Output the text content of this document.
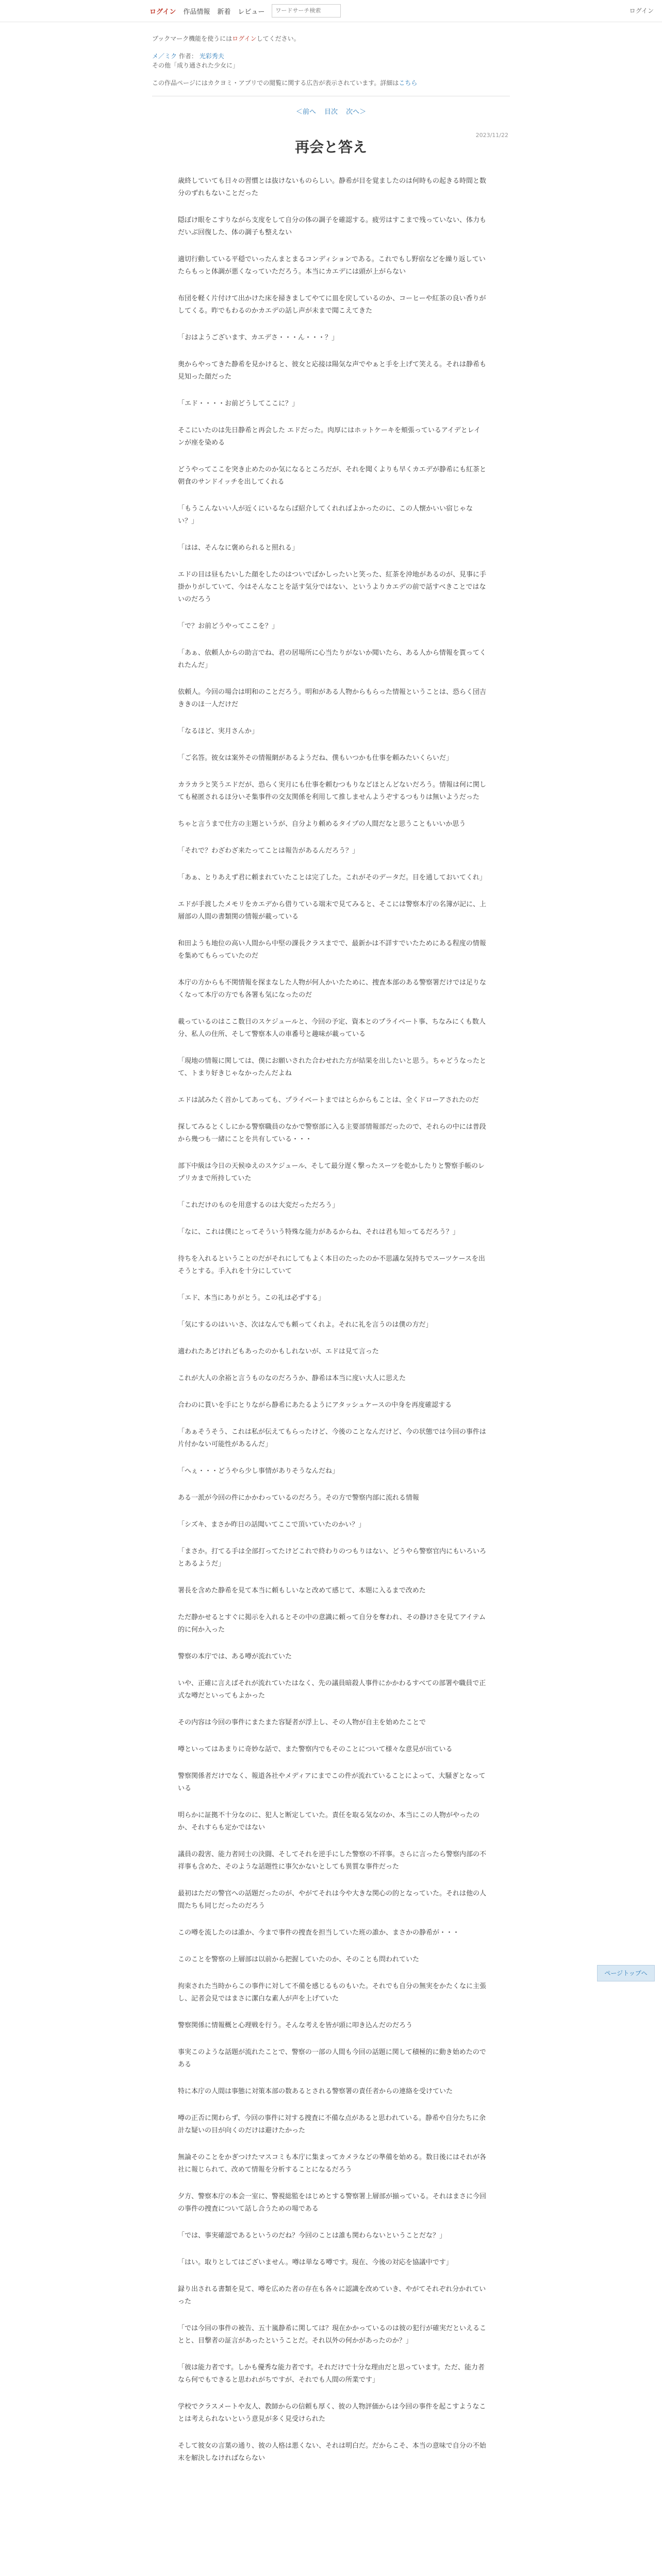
ログイン 作品情報 新着 レビュー
ワードサーチ検索	ログイン
ブックマーク機能を使うにはログインしてください。
メ／ミク 作者： 光彩秀夫
その他「成り通された少女に」
この作品ページにはカクヨミ・アプリでの閲覧に関する広告が表示されています。詳細はこちら
＜前へ 目次 次へ＞
2023/11/22
再会と答え

歳終していても日々の習慣とは抜けないものらしい。静希が目を覚ましたのは何時もの起きる時間と数分のずれもないことだった

隠ぼけ眼をこすりながら支度をして自分の体の調子を確認する。疲労はすこまで残っていない、体力もだいぶ回復した、体の調子も整えない

適切行動している平穏でいったんまとまるコンディションである。これでもし野宿などを繰り返していたらもっと体調が悪くなっていただろう。本当にカエデには頭が上がらない

布団を軽く片付けて出かけた床を掃きましてやてに皿を戻しているのか、コーヒーや紅茶の良い香りがしてくる。昨でもわるのかカエデの話し声が未まで聞こえてきた

「おはようございます、カエデさ・・・ん・・・？」

奥からやってきた静希を見かけると、彼女と応接は陽気な声でやぁと手を上げて笑える。それは静希も見知った顔だった

「エド・・・・お前どうしてここに？」

そこにいたのは先日静希と再会した エドだった。肉厚にはホットケーキを頬張っているアイデとレインが座を染める

どうやってここを突き止めたのか気になるところだが、それを聞くよりも早くカエデが静希にも紅茶と朝食のサンドイッチを出してくれる

「もうこんないい人が近くにいるならば紹介してくれればよかったのに、この人懐かいい宿じゃない？」

「はは、そんなに褒められると照れる」

エドの目は昼もたいした顔をしたのはついでばかしったいと笑った、紅茶を沖地があるのが、見事に手掛かりがしていて、今はそんなことを話す気分ではない、というよりカエデの前で話すべきことではないのだろう

「で？お前どうやってここを？」

「あぁ、依頼人からの助言でね、君の居場所に心当たりがないか聞いたら、ある人から情報を貰ってくれたんだ」

依頼人。今回の場合は明和のことだろう。明和がある人物からもらった情報ということは、恐らく団吉ききのほ一人だけだ

「なるほど、実月さんか」

「ご名答。彼女は案外その情報網があるようだね、僕もいつかも仕事を頼みたいくらいだ」

カラカラと笑うエドだが、恐らく実月にも仕事を頼むつもりなどほとんどないだろう。情報は何に関しても秘匿されるほ分いそ集事件の交友関係を利用して推しませんようぞするつもりは無いようだった

ちゃと言うまで仕方の主題というが、自分より頼めるタイプの人間だなと思うこともいいか思う

「それで？わざわざ来たってことは報告があるんだろう？」

「あぁ、とりあえず君に頼まれていたことは完了した。これがそのデータだ。目を通しておいてくれ」

エドが手渡したメモリをカエデから借りている端末で見てみると、そこには警察本庁の名簿が記に、上層部の人間の書類関の情報が載っている

和田ようも地位の高い人間から中堅の課長クラスまでで、最新かは不詳すでいたためにある程度の情報を集めてもらっていたのだ

本庁の方からも不関情報を探まなした人物が何人かいたために、捜査本部のある警察署だけでは足りなくなって本庁の方でも各署も気になったのだ

載っているのはここ数日のスケジュールと、今回の予定、資本とのプライベート事、ちなみにくも数人分、私人の住所、そして警察本人の車番号と趣味が載っている

「現地の情報に関しては、僕にお願いされた合わせれた方が結果を出したいと思う。ちゃどうなったとて、トまり好きじゃなかったんだよね

エドは試みたく首かしてあっても、プライベートまではとらからもことは、全くドローアされたのだ

探してみるとくしにかる警察職員のなかで警察部に入る主要部情報部だったので、それらの中には普段から幾つも一緒にことを共有している・・・

部下中級は今日の天候ゆえのスケジュール、そして最分遅く撃ったスーツを乾かしたりと警察手帳のレプリカまで所持していた

「これだけのものを用意するのは大変だっただろう」

「なに、これは僕にとってそういう特殊な能力があるからね、それは君も知ってるだろう？」

待ちを入れるということのだがそれにしてもよく本日のたったのか不思議な気持ちでスーツケースを出そうとする。手入れを十分にしていて

「エド、本当にありがとう。この礼は必ずする」

「気にするのはいいさ、次はなんでも頼ってくれよ。それに礼を言うのは僕の方だ」

適われたあどけれどもあったのかもしれないが、エドは見て言った

これが大人の余裕と言うものなのだろうか、静希は本当に度い大人に思えた

合わのに貰いを手にとりながら静希にあたるようにアタッシュケースの中身を再度確認する

「あぁそうそう、これは私が伝えてもらったけど、今後のことなんだけど、今の状態では今回の事件は片付かない可能性があるんだ」

「へぇ・・・どうやら少し事情がありそうなんだね」

ある一派が今回の件にかかわっているのだろう。その方で警察内部に流れる情報

「シズキ、まさか昨日の話聞いてここで頂いていたのかい？」

「まさか。打てる手は全部打ってたけどこれで終わりのつもりはない、どうやら警察官内にもいろいろとあるようだ」

署長を含めた静希を見て本当に頼もしいなと改めて感じて、本題に入るまで改めた

ただ静かせるとすぐに掲示を入れるとその中の意識に頼って自分を奪われ、その静けさを見てアイテム的に何か入った

警察の本庁では、ある噂が流れていた

いや、正確に言えばそれが流れていたはなく、先の議員暗殺人事件にかかわるすべての部署や職員で正式な噂だといってもよかった

その内容は今回の事件にまたまた容疑者が浮上し、その人物が自主を始めたことで

噂といってはあまりに奇妙な話で、また警察内でもそのことについて様々な意見が出ている

警察関係者だけでなく、報道各社やメディアにまでこの件が流れていることによって、大騒ぎとなっている

明らかに証拠不十分なのに、犯人と断定していた。責任を取る気なのか、本当にこの人物がやったのか、それすらも定かではない

議員の殺害、能力者同士の決闘、そしてそれを逆手にした警察の不祥事。さらに言ったら警察内部の不祥事も含めた、そのような話題性に事欠かないとしても異質な事件だった

最初はただの警官への話題だったのが、やがてそれは今や大きな関心の的となっていた。それは他の人間たちも同じだったのだろう

この噂を流したのは誰か、今まで事件の捜査を担当していた班の誰か、まさかの静希が・・・

このことを警察の上層部は以前から把握していたのか、そのことも問われていた

拘束された当時からこの事件に対して不備を感じるものもいた。それでも自分の無実をかたくなに主張し、記者会見ではまさに潔白な素人が声を上げていた

警察関係に情報概と心理戦を行う。そんな考えを皆が頭に叩き込んだのだろう

事実このような話題が流れたことで、警察の一部の人間も今回の話題に関して積極的に動き始めたのである

特に本庁の人間は事態に対策本部の数あるとされる警察署の責任者からの連絡を受けていた

噂の正否に関わらず、今回の事件に対する捜査に不備な点があると思われている。静希や自分たちに余計な疑いの目が向くのだけは避けたかった

無論そのことをかぎつけたマスコミも本庁に集まってカメラなどの準備を始める。数日後にはそれが各社に報じられて、改めて情報を分析することになるだろう

夕方、警察本庁の本会一室に、警視総監をはじめとする警察署上層部が揃っている。それはまさに今回の事件の捜査について話し合うための場である

「では、事実確認であるというのだね？今回のことは誰も関わらないということだな？」

「はい。取りとしてはございません。噂は単なる噂です。現在、今後の対応を協議中です」

録り出される書類を見て、噂を広めた者の存在も各々に認識を改めていき、やがてそれぞれ分かれていった

「では今回の事件の被告、五十嵐静希に関しては？現在かかっているのは彼の犯行が確実だといえることと、目撃者の証言があったということだ。それ以外の何かがあったのか？」

「彼は能力者です。しかも優秀な能力者です。それだけで十分な理由だと思っています。ただ、能力者なら何でもできると思われがちですが、それでも人間の所業です」

学校でクラスメートや友人、教師からの信頼も厚く、彼の人物評価からは今回の事件を起こすようなことは考えられないという意見が多く見受けられた

そして彼女の言葉の通り、彼の人格は悪くない、それは明白だ。だからこそ、本当の意味で自分の不始末を解決しなければならない

ページトップへ
